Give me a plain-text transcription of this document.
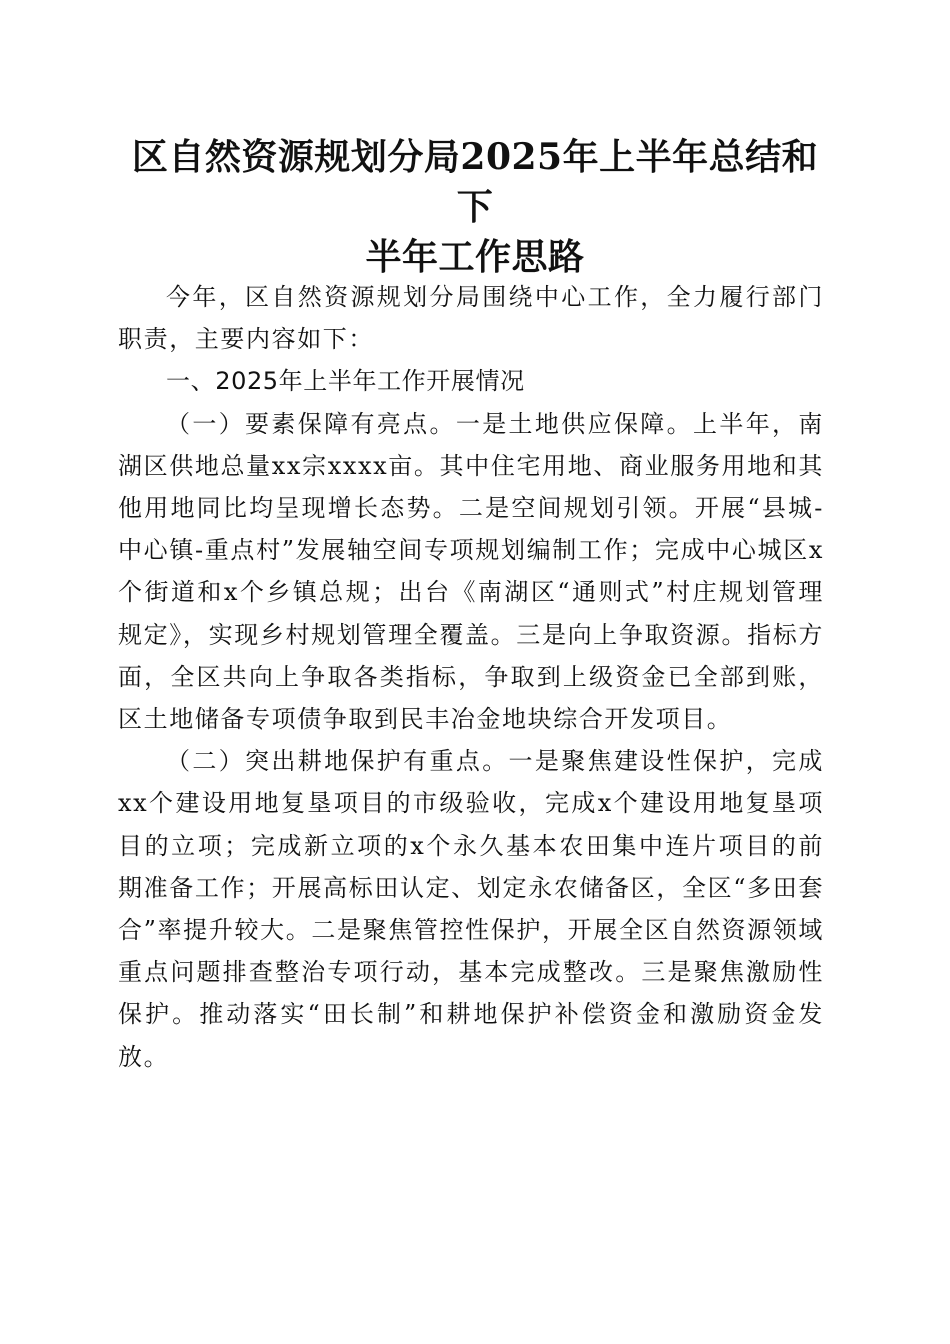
区自然资源规划分局2025年上半年总结和下
半年工作思路

今年，区自然资源规划分局围绕中心工作，全力履行部门职责，主要内容如下：

一、2025年上半年工作开展情况

（一）要素保障有亮点。一是土地供应保障。上半年，南湖区供地总量xx宗xxxx亩。其中住宅用地、商业服务用地和其他用地同比均呈现增长态势。二是空间规划引领。开展“县城-中心镇-重点村”发展轴空间专项规划编制工作；完成中心城区x个街道和x个乡镇总规；出台《南湖区“通则式”村庄规划管理规定》，实现乡村规划管理全覆盖。三是向上争取资源。指标方面，全区共向上争取各类指标，争取到上级资金已全部到账，区土地储备专项债争取到民丰冶金地块综合开发项目。

（二）突出耕地保护有重点。一是聚焦建设性保护，完成xx个建设用地复垦项目的市级验收，完成x个建设用地复垦项目的立项；完成新立项的x个永久基本农田集中连片项目的前期准备工作；开展高标田认定、划定永农储备区，全区“多田套合”率提升较大。二是聚焦管控性保护，开展全区自然资源领域重点问题排查整治专项行动，基本完成整改。三是聚焦激励性保护。推动落实“田长制”和耕地保护补偿资金和激励资金发放。
